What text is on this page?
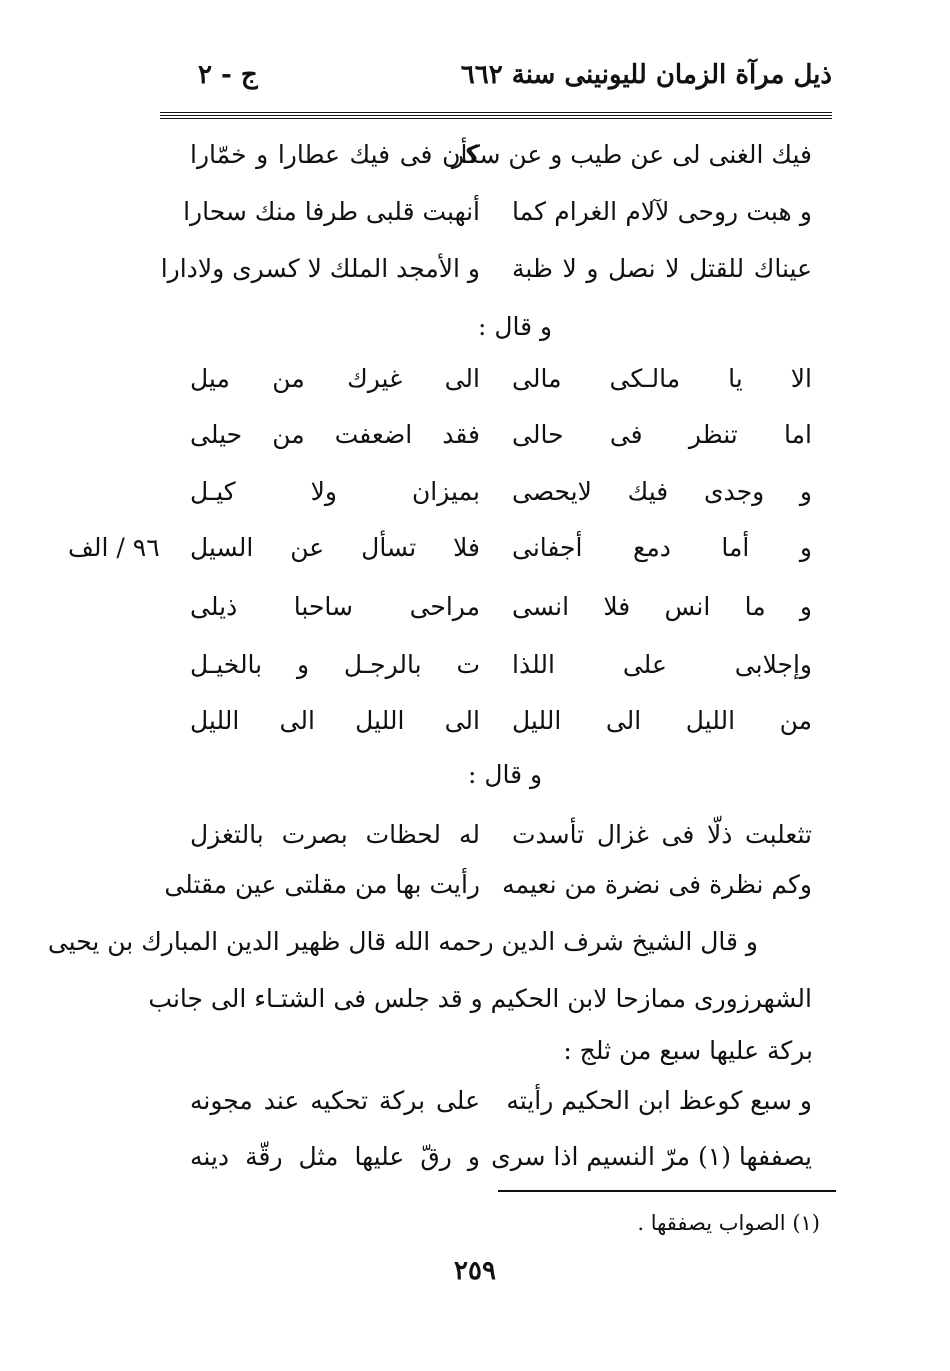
ذيل مرآة الزمان لليونينى سنة ٦٦٢
ج - ٢
فيك الغنى لى عن طيب و عن سكر
كأن فى فيك عطارا و خمّارا
و هبت روحى لآلام الغرام كما
أنهبت قلبى طرفا منك سحارا
عيناك للقتل لا نصل و لا ظبة
و الأمجد الملك لا كسرى ولادارا
و قال :
الا يا مالـكى مالى
الى غيرك من ميل
اما تنظر فى حالى
فقد اضعفت من حيلى
و وجدى فيك لايحصى
بميزان ولا كيـل
و أما دمع أجفانى
فلا تسأل عن السيل
٩٦ / الف
و ما انس فلا انسى
مراحى ساحبا ذيلى
وإجلابى على اللذا
ت بالرجـل و بالخيـل
من الليل الى الليل
الى الليل الى الليل
و قال :
تثعلبت ذلّا فى غزال تأسدت
له لحظات بصرت بالتغزل
وكم نظرة فى نضرة من نعيمه
رأيت بها من مقلتى عين مقتلى
و قال الشيخ شرف الدين رحمه الله قال ظهير الدين المبارك بن يحيى
الشهرزورى ممازحا لابن الحكيم و قد جلس فى الشتـاء الى جانب
بركة عليها سبع من ثلج :
و سبع كوعظ ابن الحكيم رأيته
على بركة تحكيه عند مجونه
يصففها (١) مرّ النسيم اذا سرى
و رقّ عليها مثل رقّة دينه
(١) الصواب يصفقها .
٢٥٩
